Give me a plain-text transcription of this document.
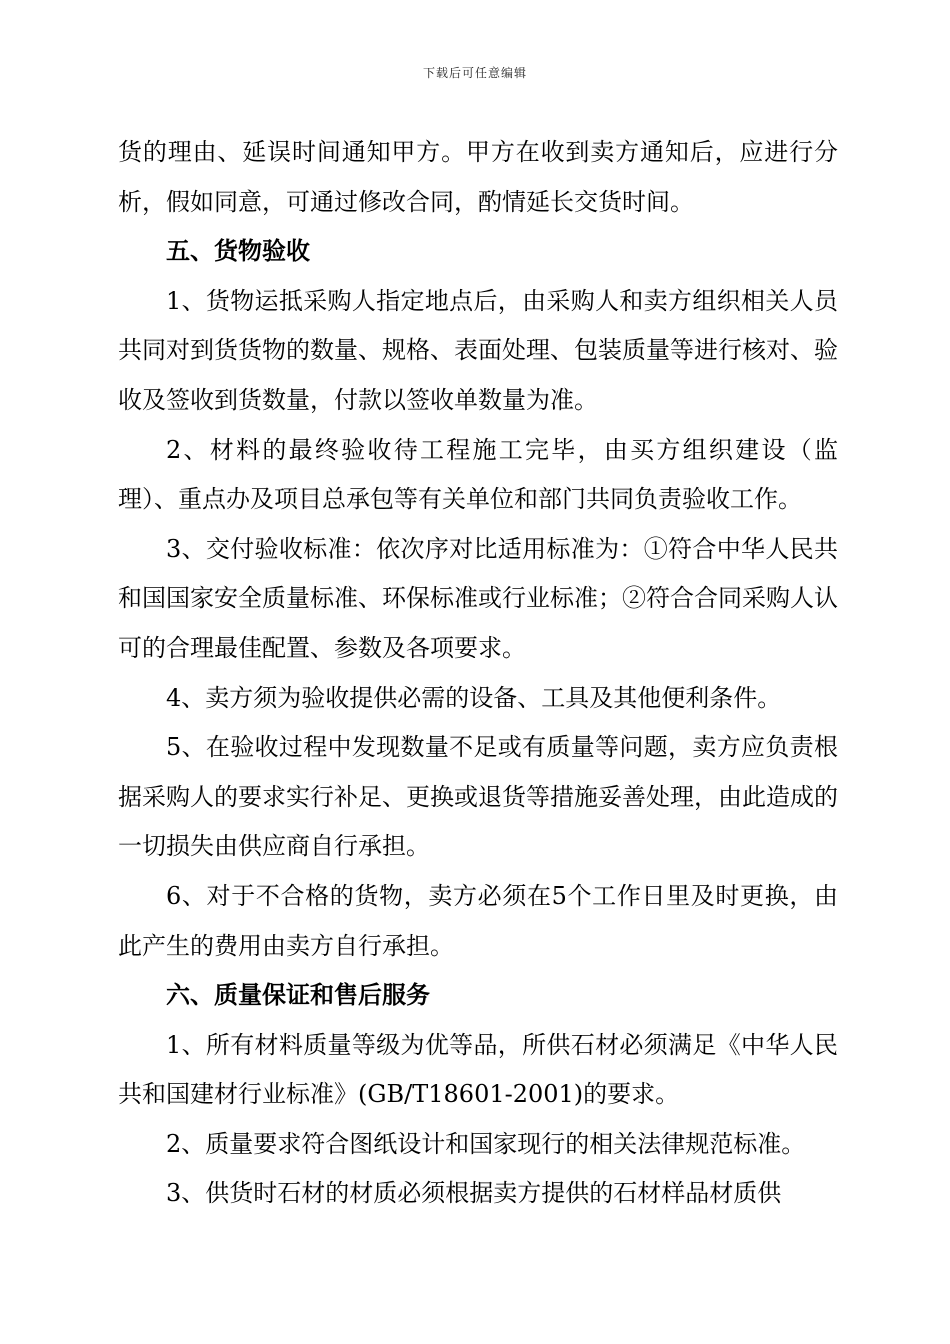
下载后可任意编辑

货的理由、延误时间通知甲方。甲方在收到卖方通知后，应进行分析，假如同意，可通过修改合同，酌情延长交货时间。

五、货物验收

1、货物运抵采购人指定地点后，由采购人和卖方组织相关人员共同对到货货物的数量、规格、表面处理、包装质量等进行核对、验收及签收到货数量，付款以签收单数量为准。

2、材料的最终验收待工程施工完毕，由买方组织建设（监理）、重点办及项目总承包等有关单位和部门共同负责验收工作。

3、交付验收标准：依次序对比适用标准为：①符合中华人民共和国国家安全质量标准、环保标准或行业标准；②符合合同采购人认可的合理最佳配置、参数及各项要求。

4、卖方须为验收提供必需的设备、工具及其他便利条件。

5、在验收过程中发现数量不足或有质量等问题，卖方应负责根据采购人的要求实行补足、更换或退货等措施妥善处理，由此造成的一切损失由供应商自行承担。

6、对于不合格的货物，卖方必须在5个工作日里及时更换，由此产生的费用由卖方自行承担。

六、质量保证和售后服务

1、所有材料质量等级为优等品，所供石材必须满足《中华人民共和国建材行业标准》(GB/T18601-2001)的要求。

2、质量要求符合图纸设计和国家现行的相关法律规范标准。

3、供货时石材的材质必须根据卖方提供的石材样品材质供
